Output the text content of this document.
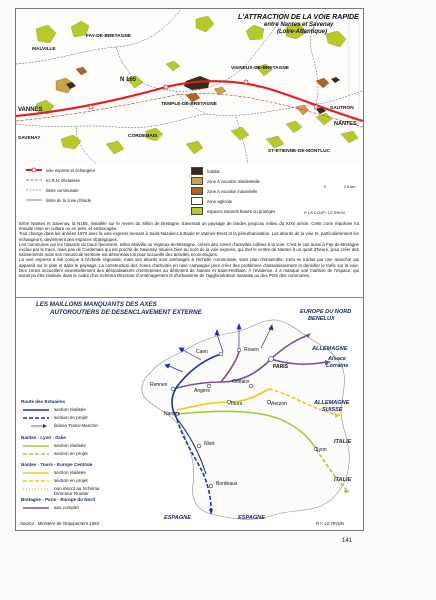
L'ATTRACTION DE LA VOIE RAPIDE
entre Nantes et Savenay
(Loire-Atlantique)
MALVILLE
FAY-DE-BRETAGNE
VIGNEUX-DE-BRETAGNE
N 165
VANNES
TEMPLE-DE-BRETAGNE
SAVENAY	CORDEMAIS
SAUTRON
NANTES
ST-ETIENNE-DE-MONTLUC
voie express et échangeur
ex R.N. déclassée
limite communale
limite de la zone d'étude
habitat
zone à vocation résidentielle
zone à vocation industrielle
zone agricole
espaces naturels boisés ou protégés
0	2,5 km
P. LA COUR / LE RHUN
Entre Nantes et Savenay, la N165, installée sur le revers du Sillon de Bretagne, traversait un paysage de landes jusqu'au milieu du XIXe siècle. Cette zone répulsive fut ensuite mise en culture ou en prés, et embocagée.
Tout change dans les années 1970 avec la voie express menant à Saint-Nazaire-La Baule et Vannes-Brest et la périurbanisation. Les abords de la voie et, particulièrement les échangeurs, deviennent des espaces stratégiques.
Les communes qui les hasards du tracé favorisent, telles Malville ou Vigneux-de-Bretagne, créent des zones d'activités collées à la voie. C'est le cas aussi à Fay-de-Bretagne exclue par le tracé, mais pas de Cordemais qui est proche de Savenay, situées bien au nord de la voie express, qui met le centre de Nantes à un quart d'heure, pour créer des lotissements mais son minuscule territoire est désormais loti pour accueillir des activités économiques.
La voie express a été conçue à l'échelle régionale, mais ses abords sont aménagés à l'échelle communale, sans plan d'ensemble. Cela se traduit par une anarchie qui apparaît sur le plan et dans le paysage. La construction des zones d'activités en rase campagne peut créer des problèmes d'assainissement et densifier le trafic sur la voie. Des zones accueillent essentiellement des délocalisations d'entreprises au détriment de Nantes et Saint-Herblain. À l'évidence, il a manqué une maîtrise de l'espace, qui aurait pu être réalisée dans le cadre d'un Schéma Directeur d'Aménagement et d'Urbanisme de l'agglomération nantaise ou des POS des communes.
LES MAILLONS MANQUANTS DES AXES
AUTOROUTIERS DE DESENCLAVEMENT EXTERNE	EUROPE DU NORD
BENELUX
ALLEMAGNE
Alsace
Lorraine
ALLEMAGNE
SUISSE
ITALIE
ITALIE
ESPAGNE	ESPAGNE
Caen	Rouen
Rennes
Angers
Orléans
PARIS
Nantes
Tours	Vierzon
Niort
Bordeaux
Lyon
Route des Estuaires
section réalisée
section en projet
liaison Trans-Manche
Nantes - Lyon - Italie
section réalisée
section en projet
Nantes - Tours - Europe Centrale
section réalisée
section en projet
non inscrit au Schéma Directeur Routier
Bretagne - Paris - Europe du Nord
axe complet
Source : Ministère de l'Equipement 1993	P.Y. LE RHUN
141
